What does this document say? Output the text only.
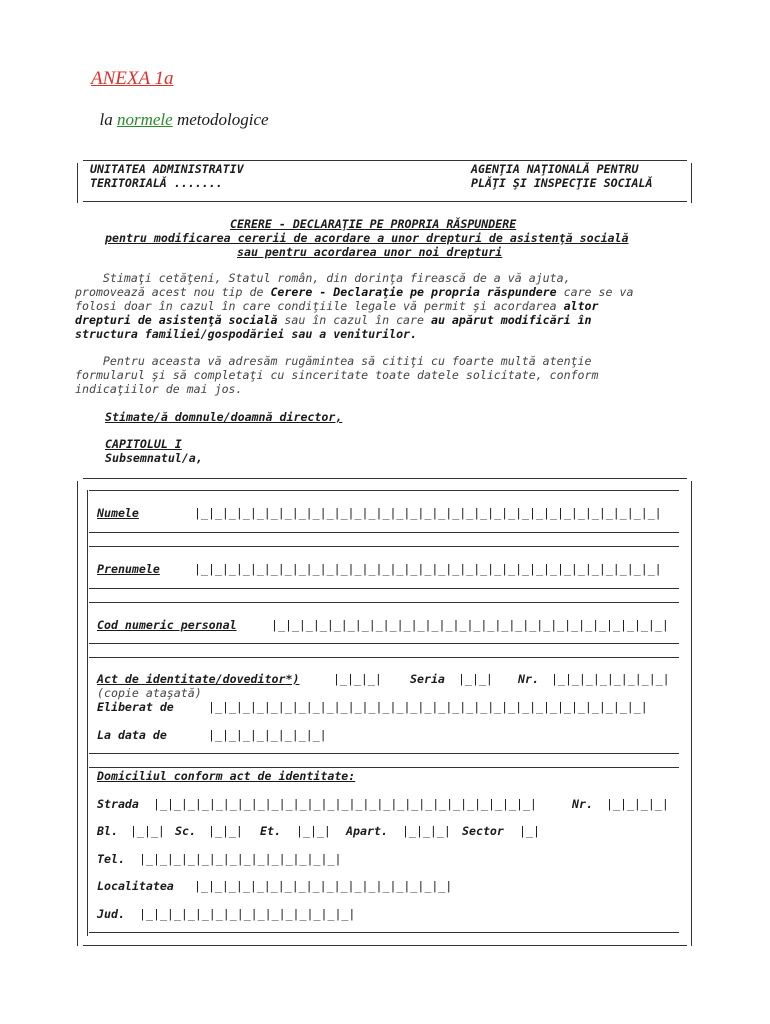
ANEXA 1a

la normele metodologice

UNITATEA ADMINISTRATIV
TERITORIALĂ .......
AGENŢIA NAŢIONALĂ PENTRU
PLĂŢI ŞI INSPECŢIE SOCIALĂ
CERERE - DECLARAŢIE PE PROPRIA RĂSPUNDERE
pentru modificarea cererii de acordare a unor drepturi de asistenţă socială
sau pentru acordarea unor noi drepturi
Stimaţi cetăţeni, Statul român, din dorinţa firească de a vă ajuta,
promovează acest nou tip de Cerere - Declaraţie pe propria răspundere care se va
folosi doar în cazul în care condiţiile legale vă permit şi acordarea altor
drepturi de asistenţă socială sau în cazul în care au apărut modificări în
structura familiei/gospodăriei sau a veniturilor.
Pentru aceasta vă adresăm rugămintea să citiţi cu foarte multă atenţie
formularul şi să completaţi cu sinceritate toate datele solicitate, conform
indicaţiilor de mai jos.
Stimate/ă domnule/doamnă director,
CAPITOLUL I
Subsemnatul/a,
Numele	|_|_|_|_|_|_|_|_|_|_|_|_|_|_|_|_|_|_|_|_|_|_|_|_|_|_|_|_|_|_|_|_|_|
Prenumele	|_|_|_|_|_|_|_|_|_|_|_|_|_|_|_|_|_|_|_|_|_|_|_|_|_|_|_|_|_|_|_|_|_|
Cod numeric personal	|_|_|_|_|_|_|_|_|_|_|_|_|_|_|_|_|_|_|_|_|_|_|_|_|_|_|_|_|
Act de identitate/doveditor*)	|_|_|_| Seria |_|_| Nr. |_|_|_|_|_|_|_|_|
(copie ataşată)
Eliberat de	|_|_|_|_|_|_|_|_|_|_|_|_|_|_|_|_|_|_|_|_|_|_|_|_|_|_|_|_|_|_|_|
La data de	|_|_|_|_|_|_|_|_|
Domiciliul conform act de identitate:
Strada |_|_|_|_|_|_|_|_|_|_|_|_|_|_|_|_|_|_|_|_|_|_|_|_|_|_|_|	Nr. |_|_|_|_|
Bl. |_|_| Sc. |_|_| Et. |_|_| Apart. |_|_|_| Sector |_|
Tel. |_|_|_|_|_|_|_|_|_|_|_|_|_|_|
Localitatea |_|_|_|_|_|_|_|_|_|_|_|_|_|_|_|_|_|_|
Jud. |_|_|_|_|_|_|_|_|_|_|_|_|_|_|_|
